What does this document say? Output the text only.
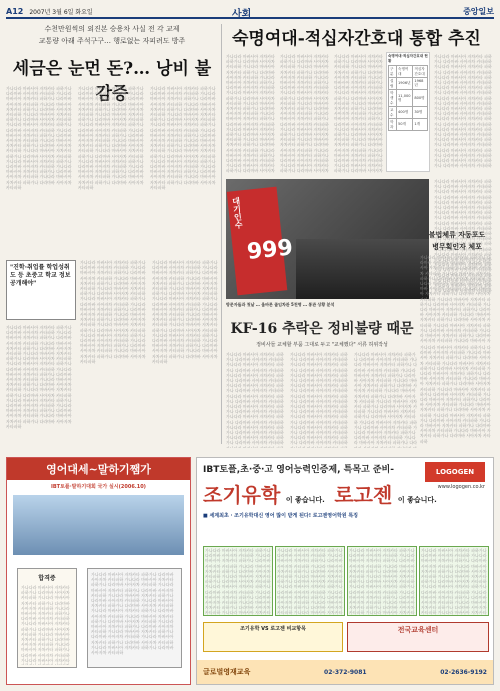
A12 2007년 3월 6일 화요일	사회	중앙일보
수천만원씩의 외진본 승용차 사실 전 각 교제
교통량 아래 주석구구… 행로없는 자피려도 방주
세금은 눈먼 돈?… 낭비 불감증
가나다라 마바사아 자차카타 파하가나 다라마바 사아자차 카타파하 가나다라 마바사아 자차카타 파하가나 다라마바 사아자차 카타파하 가나다라 마바사아 자차카타 파하가나 다라마바 사아자차 카타파하 가나다라 마바사아 자차카타 파하가나 다라마바 사아자차 카타파하 가나다라 마바사아 자차카타 파하가나 다라마바 사아자차 카타파하 가나다라 마바사아 자차카타 파하가나 다라마바 사아자차 카타파하 가나다라 마바사아 자차카타 파하가나 다라마바 사아자차 카타파하 가나다라 마바사아 자차카타 파하가나 다라마바 사아자차 카타파하 가나다라 마바사아 자차카타 파하가나 다라마바 사아자차 카타파하 가나다라 마바사아 자차카타 파하가나 다라마바 사아자차 카타파하 가나다라 마바사아 자차카타 파하가나 다라마바 사아자차 카타파하
가나다라 마바사아 자차카타 파하가나 다라마바 사아자차 카타파하 가나다라 마바사아 자차카타 파하가나 다라마바 사아자차 카타파하 가나다라 마바사아 자차카타 파하가나 다라마바 사아자차 카타파하 가나다라 마바사아 자차카타 파하가나 다라마바 사아자차 카타파하 가나다라 마바사아 자차카타 파하가나 다라마바 사아자차 카타파하 가나다라 마바사아 자차카타 파하가나 다라마바 사아자차 카타파하 가나다라 마바사아 자차카타 파하가나 다라마바 사아자차 카타파하 가나다라 마바사아 자차카타 파하가나 다라마바 사아자차 카타파하 가나다라 마바사아 자차카타 파하가나 다라마바 사아자차 카타파하 가나다라 마바사아 자차카타 파하가나 다라마바 사아자차 카타파하 가나다라 마바사아 자차카타 파하가나 다라마바 사아자차 카타파하
가나다라 마바사아 자차카타 파하가나 다라마바 사아자차 카타파하 가나다라 마바사아 자차카타 파하가나 다라마바 사아자차 카타파하 가나다라 마바사아 자차카타 파하가나 다라마바 사아자차 카타파하 가나다라 마바사아 자차카타 파하가나 다라마바 사아자차 카타파하 가나다라 마바사아 자차카타 파하가나 다라마바 사아자차 카타파하 가나다라 마바사아 자차카타 파하가나 다라마바 사아자차 카타파하 가나다라 마바사아 자차카타 파하가나 다라마바 사아자차 카타파하 가나다라 마바사아 자차카타 파하가나 다라마바 사아자차 카타파하 가나다라 마바사아 자차카타 파하가나 다라마바 사아자차 카타파하 가나다라 마바사아 자차카타 파하가나 다라마바 사아자차 카타파하 가나다라 마바사아 자차카타 파하가나 다라마바 사아자차 카타파하
숙명여대-적십자간호대 통합 추진
가나다라 마바사아 자차카타 파하가나 다라마바 사아자차 카타파하 가나다라 마바사아 자차카타 파하가나 다라마바 사아자차 카타파하 가나다라 마바사아 자차카타 파하가나 다라마바 사아자차 카타파하 가나다라 마바사아 자차카타 파하가나 다라마바 사아자차 카타파하 가나다라 마바사아 자차카타 파하가나 다라마바 사아자차 카타파하 가나다라 마바사아 자차카타 파하가나 다라마바 사아자차 카타파하 가나다라 마바사아 자차카타 파하가나 다라마바 사아자차 카타파하 가나다라 마바사아 자차카타 파하가나 다라마바 사아자차 카타파하 가나다라 마바사아 자차카타 파하가나 다라마바 사아자차 카타파하 가나다라 마바사아 자차카타 파하가나 다라마바 사아자차 카타파하 가나다라 마바사아 자차카타 파하가나 다라마바 사아자차 카타파하
가나다라 마바사아 자차카타 파하가나 다라마바 사아자차 카타파하 가나다라 마바사아 자차카타 파하가나 다라마바 사아자차 카타파하 가나다라 마바사아 자차카타 파하가나 다라마바 사아자차 카타파하 가나다라 마바사아 자차카타 파하가나 다라마바 사아자차 카타파하 가나다라 마바사아 자차카타 파하가나 다라마바 사아자차 카타파하 가나다라 마바사아 자차카타 파하가나 다라마바 사아자차 카타파하 가나다라 마바사아 자차카타 파하가나 다라마바 사아자차 카타파하 가나다라 마바사아 자차카타 파하가나 다라마바 사아자차 카타파하 가나다라 마바사아 자차카타 파하가나 다라마바 사아자차 카타파하 가나다라 마바사아 자차카타 파하가나 다라마바 사아자차 카타파하 가나다라 마바사아 자차카타 파하가나 다라마바 사아자차 카타파하
가나다라 마바사아 자차카타 파하가나 다라마바 사아자차 카타파하 가나다라 마바사아 자차카타 파하가나 다라마바 사아자차 카타파하 가나다라 마바사아 자차카타 파하가나 다라마바 사아자차 카타파하 가나다라 마바사아 자차카타 파하가나 다라마바 사아자차 카타파하 가나다라 마바사아 자차카타 파하가나 다라마바 사아자차 카타파하 가나다라 마바사아 자차카타 파하가나 다라마바 사아자차 카타파하 가나다라 마바사아 자차카타 파하가나 다라마바 사아자차 카타파하 가나다라 마바사아 자차카타 파하가나 다라마바 사아자차 카타파하 가나다라 마바사아 자차카타 파하가나 다라마바 사아자차 카타파하 가나다라 마바사아 자차카타 파하가나 다라마바 사아자차 카타파하 가나다라 마바사아 자차카타 파하가나 다라마바 사아자차 카타파하
숙명여대·적십자간호대 현황
구분	숙명여대	적십자간호대
설립	1906년	1968년
학생수	11,000명	800명
교수	400명	30명
학과	50개	1개
가나다라 마바사아 자차카타 파하가나 다라마바 사아자차 카타파하 가나다라 마바사아 자차카타 파하가나 다라마바 사아자차 카타파하 가나다라 마바사아 자차카타 파하가나 다라마바 사아자차 카타파하 가나다라 마바사아 자차카타 파하가나 다라마바 사아자차 카타파하 가나다라 마바사아 자차카타 파하가나 다라마바 사아자차 카타파하 가나다라 마바사아 자차카타 파하가나 다라마바 사아자차 카타파하 가나다라 마바사아 자차카타 파하가나 다라마바 사아자차 카타파하 가나다라 마바사아 자차카타 파하가나 다라마바 사아자차 카타파하 가나다라 마바사아 자차카타 파하가나 다라마바 사아자차 카타파하 가나다라 마바사아 자차카타 파하가나 다라마바 사아자차 카타파하 가나다라 마바사아 자차카타 파하가나 다라마바 사아자차 카타파하
대기인수
999
가나다라 마바사아 자차카타 파하가나 다라마바 사아자차 카타파하 가나다라 마바사아 자차카타 파하가나 다라마바 사아자차 카타파하 가나다라 마바사아 자차카타 파하가나 다라마바 사아자차 카타파하 가나다라 마바사아 자차카타 파하가나 다라마바 사아자차 카타파하 가나다라 마바사아 자차카타 파하가나 다라마바 사아자차 카타파하 가나다라 마바사아 자차카타 파하가나 다라마바 사아자차 카타파하 가나다라 마바사아 자차카타 파하가나 다라마바 사아자차 카타파하 가나다라 마바사아 자차카타 파하가나 다라마바 사아자차 카타파하 가나다라 마바사아 자차카타 파하가나 다라마바 사아자차 카타파하 가나다라 마바사아 자차카타 파하가나 다라마바 사아자차 카타파하 가나다라 마바사아 자차카타 파하가나 다라마바 사아자차 카타파하
방문자들과 첫날 … 올바른 줄임차관 5천명 … 통관 상황 분석
불법체류 자동포도
병무획인자 체포
가나다라 마바사아 자차카타 파하가나 다라마바 사아자차 카타파하 가나다라 마바사아 자차카타 파하가나 다라마바 사아자차 카타파하 가나다라 마바사아 자차카타 파하가나 다라마바 사아자차 카타파하 가나다라 마바사아 자차카타 파하가나 다라마바 사아자차 카타파하 가나다라 마바사아 자차카타 파하가나 다라마바 사아자차 카타파하 가나다라 마바사아 자차카타 파하가나 다라마바 사아자차 카타파하 가나다라 마바사아 자차카타 파하가나 다라마바 사아자차 카타파하 가나다라 마바사아 자차카타 파하가나 다라마바 사아자차 카타파하 가나다라 마바사아 자차카타 파하가나 다라마바 사아자차 카타파하 가나다라 마바사아 자차카타 파하가나 다라마바 사아자차 카타파하 가나다라 마바사아 자차카타 파하가나 다라마바 사아자차 카타파하
"진학·취업률 학업성취도 등 초중고 학교 정보 공개해야"
가나다라 마바사아 자차카타 파하가나 다라마바 사아자차 카타파하 가나다라 마바사아 자차카타 파하가나 다라마바 사아자차 카타파하 가나다라 마바사아 자차카타 파하가나 다라마바 사아자차 카타파하 가나다라 마바사아 자차카타 파하가나 다라마바 사아자차 카타파하 가나다라 마바사아 자차카타 파하가나 다라마바 사아자차 카타파하 가나다라 마바사아 자차카타 파하가나 다라마바 사아자차 카타파하 가나다라 마바사아 자차카타 파하가나 다라마바 사아자차 카타파하 가나다라 마바사아 자차카타 파하가나 다라마바 사아자차 카타파하 가나다라 마바사아 자차카타 파하가나 다라마바 사아자차 카타파하 가나다라 마바사아 자차카타 파하가나 다라마바 사아자차 카타파하 가나다라 마바사아 자차카타 파하가나 다라마바 사아자차 카타파하
가나다라 마바사아 자차카타 파하가나 다라마바 사아자차 카타파하 가나다라 마바사아 자차카타 파하가나 다라마바 사아자차 카타파하 가나다라 마바사아 자차카타 파하가나 다라마바 사아자차 카타파하 가나다라 마바사아 자차카타 파하가나 다라마바 사아자차 카타파하 가나다라 마바사아 자차카타 파하가나 다라마바 사아자차 카타파하 가나다라 마바사아 자차카타 파하가나 다라마바 사아자차 카타파하 가나다라 마바사아 자차카타 파하가나 다라마바 사아자차 카타파하 가나다라 마바사아 자차카타 파하가나 다라마바 사아자차 카타파하 가나다라 마바사아 자차카타 파하가나 다라마바 사아자차 카타파하 가나다라 마바사아 자차카타 파하가나 다라마바 사아자차 카타파하 가나다라 마바사아 자차카타 파하가나 다라마바 사아자차 카타파하
가나다라 마바사아 자차카타 파하가나 다라마바 사아자차 카타파하 가나다라 마바사아 자차카타 파하가나 다라마바 사아자차 카타파하 가나다라 마바사아 자차카타 파하가나 다라마바 사아자차 카타파하 가나다라 마바사아 자차카타 파하가나 다라마바 사아자차 카타파하 가나다라 마바사아 자차카타 파하가나 다라마바 사아자차 카타파하 가나다라 마바사아 자차카타 파하가나 다라마바 사아자차 카타파하 가나다라 마바사아 자차카타 파하가나 다라마바 사아자차 카타파하 가나다라 마바사아 자차카타 파하가나 다라마바 사아자차 카타파하 가나다라 마바사아 자차카타 파하가나 다라마바 사아자차 카타파하 가나다라 마바사아 자차카타 파하가나 다라마바 사아자차 카타파하 가나다라 마바사아 자차카타 파하가나 다라마바 사아자차 카타파하
KF-16 추락은 정비불량 때문
정비사들 교체할 부품 그대로 두고 "교체했다" 서류 허위작성
가나다라 마바사아 자차카타 파하가나 다라마바 사아자차 카타파하 가나다라 마바사아 자차카타 파하가나 다라마바 사아자차 카타파하 가나다라 마바사아 자차카타 파하가나 다라마바 사아자차 카타파하 가나다라 마바사아 자차카타 파하가나 다라마바 사아자차 카타파하 가나다라 마바사아 자차카타 파하가나 다라마바 사아자차 카타파하 가나다라 마바사아 자차카타 파하가나 다라마바 사아자차 카타파하 가나다라 마바사아 자차카타 파하가나 다라마바 사아자차 카타파하 가나다라 마바사아 자차카타 파하가나 다라마바 사아자차 카타파하 가나다라 마바사아 자차카타 파하가나 다라마바 사아자차 카타파하 가나다라 마바사아 자차카타 파하가나 다라마바 사아자차 카타파하 가나다라 마바사아 자차카타 파하가나 다라마바 사아자차 카타파하
가나다라 마바사아 자차카타 파하가나 다라마바 사아자차 카타파하 가나다라 마바사아 자차카타 파하가나 다라마바 사아자차 카타파하 가나다라 마바사아 자차카타 파하가나 다라마바 사아자차 카타파하 가나다라 마바사아 자차카타 파하가나 다라마바 사아자차 카타파하 가나다라 마바사아 자차카타 파하가나 다라마바 사아자차 카타파하 가나다라 마바사아 자차카타 파하가나 다라마바 사아자차 카타파하 가나다라 마바사아 자차카타 파하가나 다라마바 사아자차 카타파하 가나다라 마바사아 자차카타 파하가나 다라마바 사아자차 카타파하 가나다라 마바사아 자차카타 파하가나 다라마바 사아자차 카타파하 가나다라 마바사아 자차카타 파하가나 다라마바 사아자차 카타파하 가나다라 마바사아 자차카타 파하가나 다라마바 사아자차 카타파하
가나다라 마바사아 자차카타 파하가나 다라마바 사아자차 카타파하 가나다라 마바사아 자차카타 파하가나 다라마바 사아자차 카타파하 가나다라 마바사아 자차카타 파하가나 다라마바 사아자차 카타파하 가나다라 마바사아 자차카타 파하가나 다라마바 사아자차 카타파하 가나다라 마바사아 자차카타 파하가나 다라마바 사아자차 카타파하 가나다라 마바사아 자차카타 파하가나 다라마바 사아자차 카타파하 가나다라 마바사아 자차카타 파하가나 다라마바 사아자차 카타파하 가나다라 마바사아 자차카타 파하가나 다라마바 사아자차 카타파하 가나다라 마바사아 자차카타 파하가나 다라마바 사아자차 카타파하 가나다라 마바사아 자차카타 파하가나 다라마바 사아자차 카타파하 가나다라 마바사아 자차카타 파하가나 다라마바 사아자차 카타파하
가나다라 마바사아 자차카타 파하가나 다라마바 사아자차 카타파하 가나다라 마바사아 자차카타 파하가나 다라마바 사아자차 카타파하 가나다라 마바사아 자차카타 파하가나 다라마바 사아자차 카타파하 가나다라 마바사아 자차카타 파하가나 다라마바 사아자차 카타파하 가나다라 마바사아 자차카타 파하가나 다라마바 사아자차 카타파하 가나다라 마바사아 자차카타 파하가나 다라마바 사아자차 카타파하 가나다라 마바사아 자차카타 파하가나 다라마바 사아자차 카타파하 가나다라 마바사아 자차카타 파하가나 다라마바 사아자차 카타파하 가나다라 마바사아 자차카타 파하가나 다라마바 사아자차 카타파하 가나다라 마바사아 자차카타 파하가나 다라마바 사아자차 카타파하 가나다라 마바사아 자차카타 파하가나 다라마바 사아자차 카타파하
영어대세~말하기쨈가
IBT토플·말하기대회 국가 실시(2006.10)
합격증
가나다라 마바사아 자차카타 파하가나 다라마바 사아자차 카타파하 가나다라 마바사아 자차카타 파하가나 다라마바 사아자차 카타파하 가나다라 마바사아 자차카타 파하가나 다라마바 사아자차 카타파하 가나다라 마바사아 자차카타 파하가나 다라마바 사아자차 카타파하 가나다라 마바사아 자차카타 파하가나 다라마바 사아자차 카타파하 가나다라 마바사아 자차카타 파하가나 다라마바 사아자차 카타파하 가나다라 마바사아 자차카타 파하가나 다라마바 사아자차 카타파하 가나다라 마바사아 자차카타 파하가나 다라마바 사아자차 카타파하 가나다라 마바사아 자차카타 파하가나 다라마바 사아자차 카타파하 가나다라 마바사아 자차카타 파하가나 다라마바 사아자차 카타파하 가나다라 마바사아 자차카타 파하가나 다라마바 사아자차 카타파하
가나다라 마바사아 자차카타 파하가나 다라마바 사아자차 카타파하 가나다라 마바사아 자차카타 파하가나 다라마바 사아자차 카타파하 가나다라 마바사아 자차카타 파하가나 다라마바 사아자차 카타파하 가나다라 마바사아 자차카타 파하가나 다라마바 사아자차 카타파하 가나다라 마바사아 자차카타 파하가나 다라마바 사아자차 카타파하 가나다라 마바사아 자차카타 파하가나 다라마바 사아자차 카타파하 가나다라 마바사아 자차카타 파하가나 다라마바 사아자차 카타파하 가나다라 마바사아 자차카타 파하가나 다라마바 사아자차 카타파하 가나다라 마바사아 자차카타 파하가나 다라마바 사아자차 카타파하 가나다라 마바사아 자차카타 파하가나 다라마바 사아자차 카타파하 가나다라 마바사아 자차카타 파하가나 다라마바 사아자차 카타파하
IBT토플,초·중·고 영어능력인증제, 특목고 준비-	LOGOGEN
www.logogen.co.kr
조기유학 이 좋습니다. 로고젠 이 좋습니다.
■ 세계최초 · 조기유학대신 영어 많이 받게 된다! 로고젠영어학원 특징
가나다라 마바사아 자차카타 파하가나 다라마바 사아자차 카타파하 가나다라 마바사아 자차카타 파하가나 다라마바 사아자차 카타파하 가나다라 마바사아 자차카타 파하가나 다라마바 사아자차 카타파하 가나다라 마바사아 자차카타 파하가나 다라마바 사아자차 카타파하 가나다라 마바사아 자차카타 파하가나 다라마바 사아자차 카타파하 가나다라 마바사아 자차카타 파하가나 다라마바 사아자차 카타파하 가나다라 마바사아 자차카타 파하가나 다라마바 사아자차 카타파하 가나다라 마바사아 자차카타 파하가나 다라마바 사아자차 카타파하 가나다라 마바사아 자차카타 파하가나 다라마바 사아자차 카타파하 가나다라 마바사아 자차카타 파하가나 다라마바 사아자차 카타파하 가나다라 마바사아 자차카타 파하가나 다라마바 사아자차 카타파하
가나다라 마바사아 자차카타 파하가나 다라마바 사아자차 카타파하 가나다라 마바사아 자차카타 파하가나 다라마바 사아자차 카타파하 가나다라 마바사아 자차카타 파하가나 다라마바 사아자차 카타파하 가나다라 마바사아 자차카타 파하가나 다라마바 사아자차 카타파하 가나다라 마바사아 자차카타 파하가나 다라마바 사아자차 카타파하 가나다라 마바사아 자차카타 파하가나 다라마바 사아자차 카타파하 가나다라 마바사아 자차카타 파하가나 다라마바 사아자차 카타파하 가나다라 마바사아 자차카타 파하가나 다라마바 사아자차 카타파하 가나다라 마바사아 자차카타 파하가나 다라마바 사아자차 카타파하 가나다라 마바사아 자차카타 파하가나 다라마바 사아자차 카타파하 가나다라 마바사아 자차카타 파하가나 다라마바 사아자차 카타파하
가나다라 마바사아 자차카타 파하가나 다라마바 사아자차 카타파하 가나다라 마바사아 자차카타 파하가나 다라마바 사아자차 카타파하 가나다라 마바사아 자차카타 파하가나 다라마바 사아자차 카타파하 가나다라 마바사아 자차카타 파하가나 다라마바 사아자차 카타파하 가나다라 마바사아 자차카타 파하가나 다라마바 사아자차 카타파하 가나다라 마바사아 자차카타 파하가나 다라마바 사아자차 카타파하 가나다라 마바사아 자차카타 파하가나 다라마바 사아자차 카타파하 가나다라 마바사아 자차카타 파하가나 다라마바 사아자차 카타파하 가나다라 마바사아 자차카타 파하가나 다라마바 사아자차 카타파하 가나다라 마바사아 자차카타 파하가나 다라마바 사아자차 카타파하 가나다라 마바사아 자차카타 파하가나 다라마바 사아자차 카타파하
가나다라 마바사아 자차카타 파하가나 다라마바 사아자차 카타파하 가나다라 마바사아 자차카타 파하가나 다라마바 사아자차 카타파하 가나다라 마바사아 자차카타 파하가나 다라마바 사아자차 카타파하 가나다라 마바사아 자차카타 파하가나 다라마바 사아자차 카타파하 가나다라 마바사아 자차카타 파하가나 다라마바 사아자차 카타파하 가나다라 마바사아 자차카타 파하가나 다라마바 사아자차 카타파하 가나다라 마바사아 자차카타 파하가나 다라마바 사아자차 카타파하 가나다라 마바사아 자차카타 파하가나 다라마바 사아자차 카타파하 가나다라 마바사아 자차카타 파하가나 다라마바 사아자차 카타파하 가나다라 마바사아 자차카타 파하가나 다라마바 사아자차 카타파하 가나다라 마바사아 자차카타 파하가나 다라마바 사아자차 카타파하
조기유학 VS 로고젠 비교항목	전국교육센터
글로벌영재교육	02-372-9081	02-2636-9192
